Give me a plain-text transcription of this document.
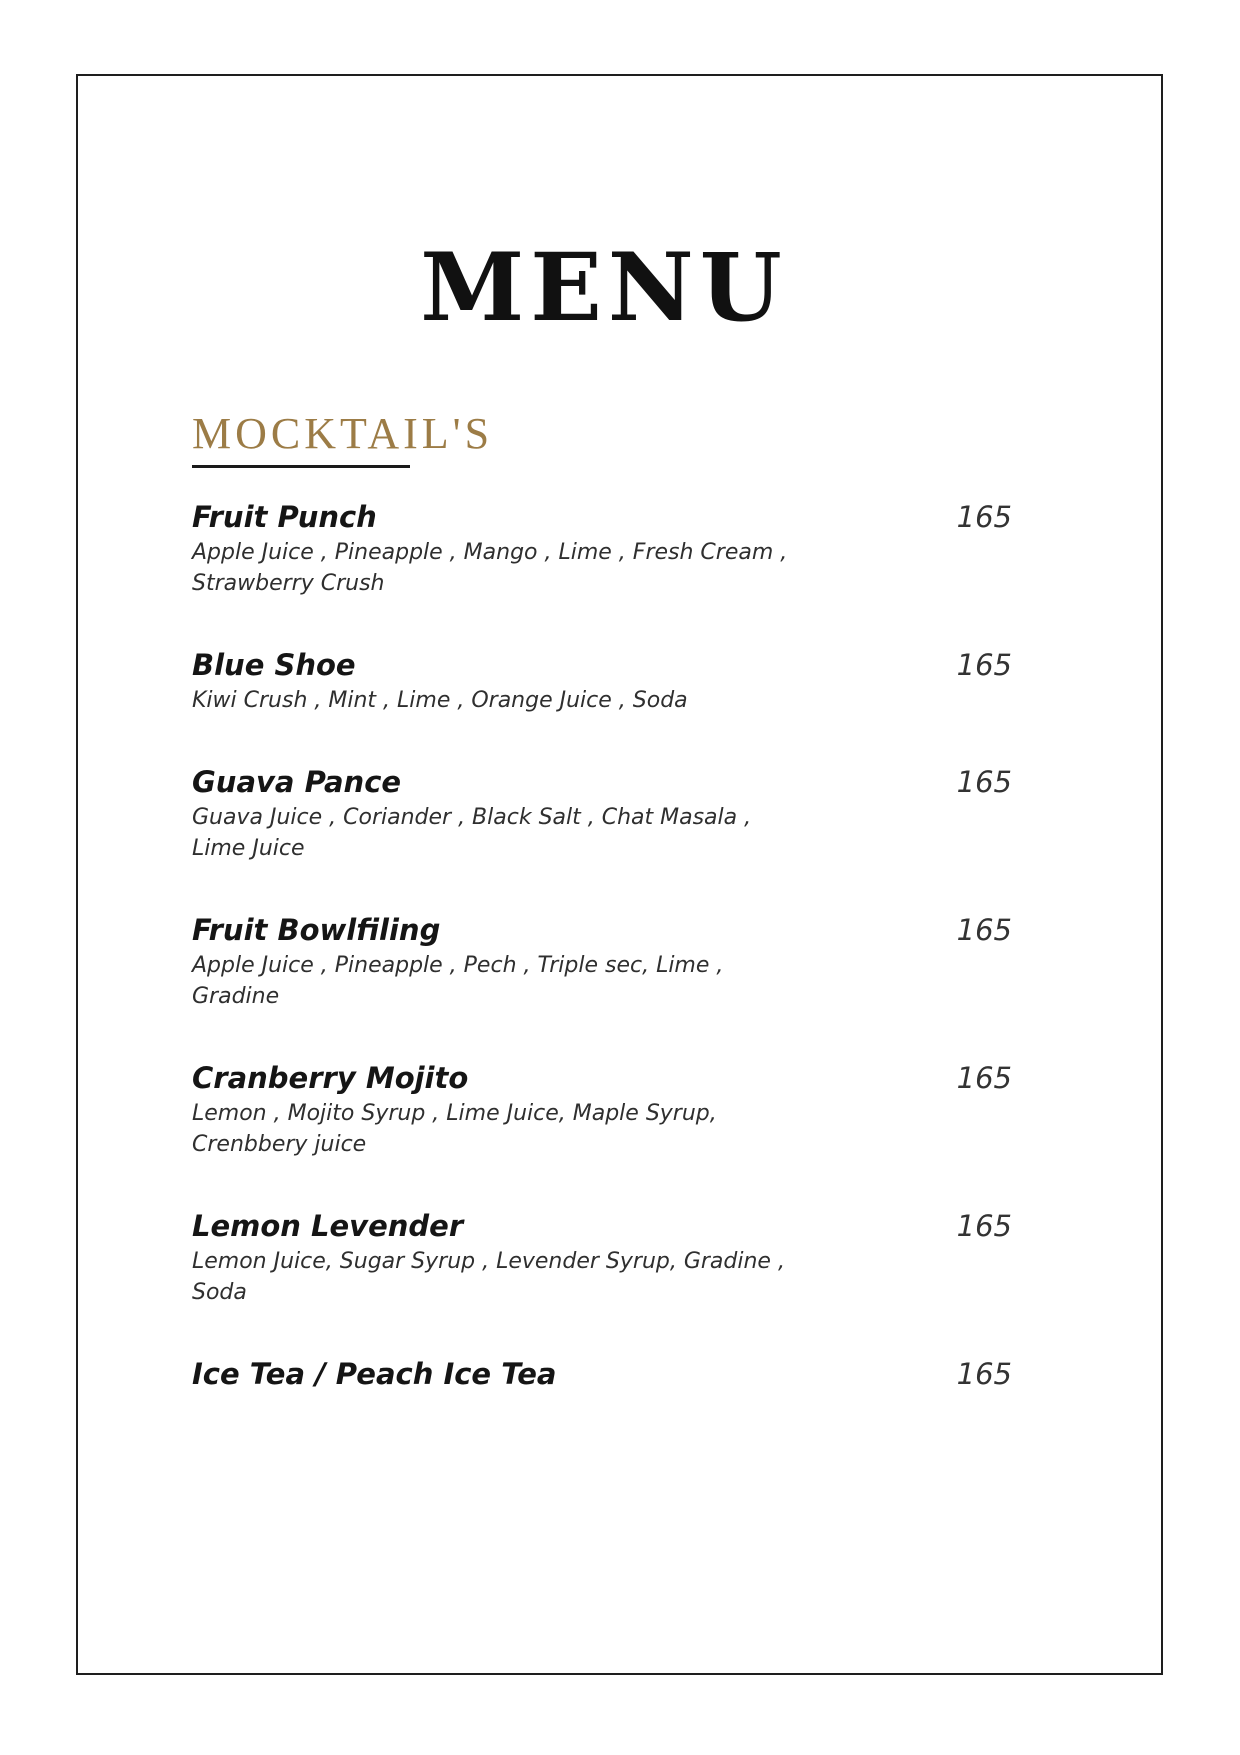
MENU
MOCKTAIL'S
Fruit Punch
Apple Juice , Pineapple , Mango , Lime , Fresh Cream , Strawberry Crush
165
Blue Shoe
Kiwi Crush , Mint , Lime , Orange Juice , Soda
165
Guava Pance
Guava Juice , Coriander , Black Salt , Chat Masala , Lime Juice
165
Fruit Bowlfiling
Apple Juice , Pineapple , Pech , Triple sec, Lime , Gradine
165
Cranberry Mojito
Lemon , Mojito Syrup , Lime Juice, Maple Syrup, Crenbbery juice
165
Lemon Levender
Lemon Juice, Sugar Syrup , Levender Syrup, Gradine , Soda
165
Ice Tea / Peach Ice Tea	165
